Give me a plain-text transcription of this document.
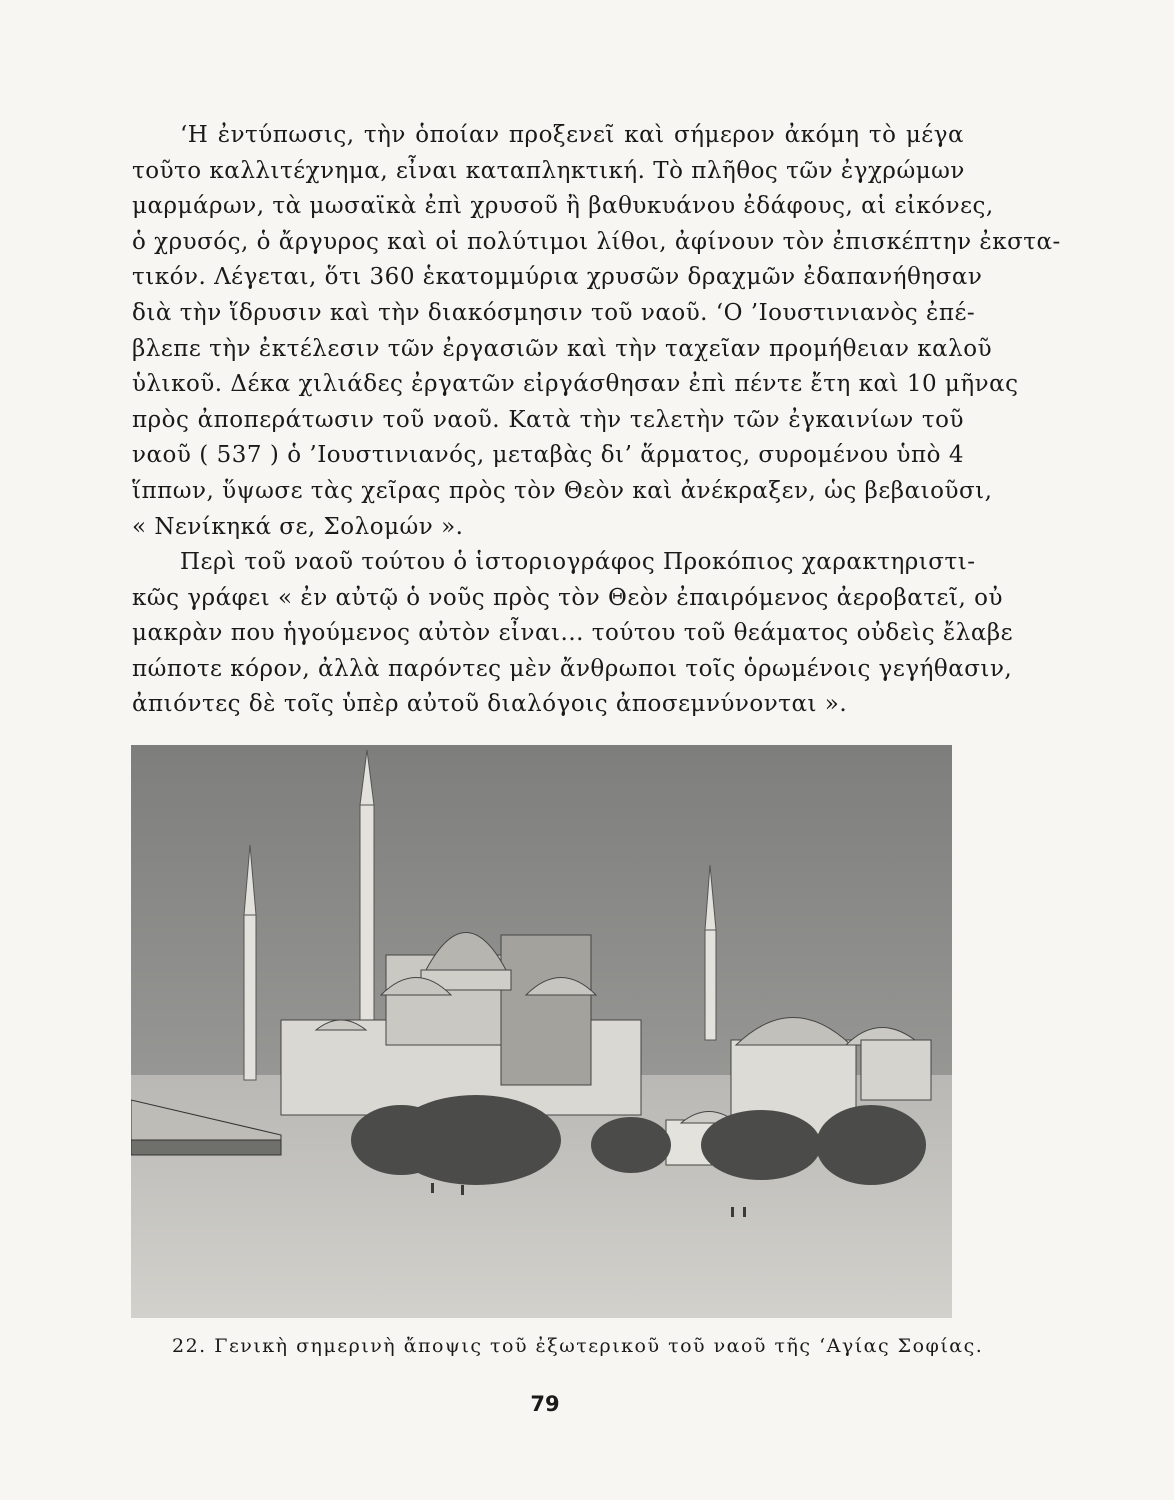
‘Η ἐντύπωσις, τὴν ὁποίαν προξενεῖ καὶ σήμερον ἀκόμη τὸ μέγα
τοῦτο καλλιτέχνημα, εἶναι καταπληκτική. Τὸ πλῆθος τῶν ἐγχρώμων
μαρμάρων, τὰ μωσαϊκὰ ἐπὶ χρυσοῦ ἢ βαθυκυάνου ἐδάφους, αἱ εἰκόνες,
ὁ χρυσός, ὁ ἄργυρος καὶ οἱ πολύτιμοι λίθοι, ἀφίνουν τὸν ἐπισκέπτην ἐκστα-
τικόν. Λέγεται, ὅτι 360 ἑκατομμύρια χρυσῶν δραχμῶν ἐδαπανήθησαν
διὰ τὴν ἵδρυσιν καὶ τὴν διακόσμησιν τοῦ ναοῦ. ‘Ο ’Ιουστινιανὸς ἐπέ-
βλεπε τὴν ἐκτέλεσιν τῶν ἐργασιῶν καὶ τὴν ταχεῖαν προμήθειαν καλοῦ
ὑλικοῦ. Δέκα χιλιάδες ἐργατῶν εἰργάσθησαν ἐπὶ πέντε ἔτη καὶ 10 μῆνας
πρὸς ἀποπεράτωσιν τοῦ ναοῦ. Κατὰ τὴν τελετὴν τῶν ἐγκαινίων τοῦ
ναοῦ ( 537 ) ὁ ’Ιουστινιανός, μεταβὰς δι’ ἅρματος, συρομένου ὑπὸ 4
ἵππων, ὕψωσε τὰς χεῖρας πρὸς τὸν Θεὸν καὶ ἀνέκραξεν, ὡς βεβαιοῦσι,
« Νενίκηκά σε, Σολομών ».

Περὶ τοῦ ναοῦ τούτου ὁ ἱστοριογράφος Προκόπιος χαρακτηριστι-
κῶς γράφει « ἐν αὐτῷ ὁ νοῦς πρὸς τὸν Θεὸν ἐπαιρόμενος ἀεροβατεῖ, οὐ
μακρὰν που ἡγούμενος αὐτὸν εἶναι... τούτου τοῦ θεάματος οὐδεὶς ἔλαβε
πώποτε κόρον, ἀλλὰ παρόντες μὲν ἄνθρωποι τοῖς ὁρωμένοις γεγήθασιν,
ἀπιόντες δὲ τοῖς ὑπὲρ αὐτοῦ διαλόγοις ἀποσεμνύνονται ».

22. Γενικὴ σημερινὴ ἄποψις τοῦ ἐξωτερικοῦ τοῦ ναοῦ τῆς ‘Αγίας Σοφίας.
79
